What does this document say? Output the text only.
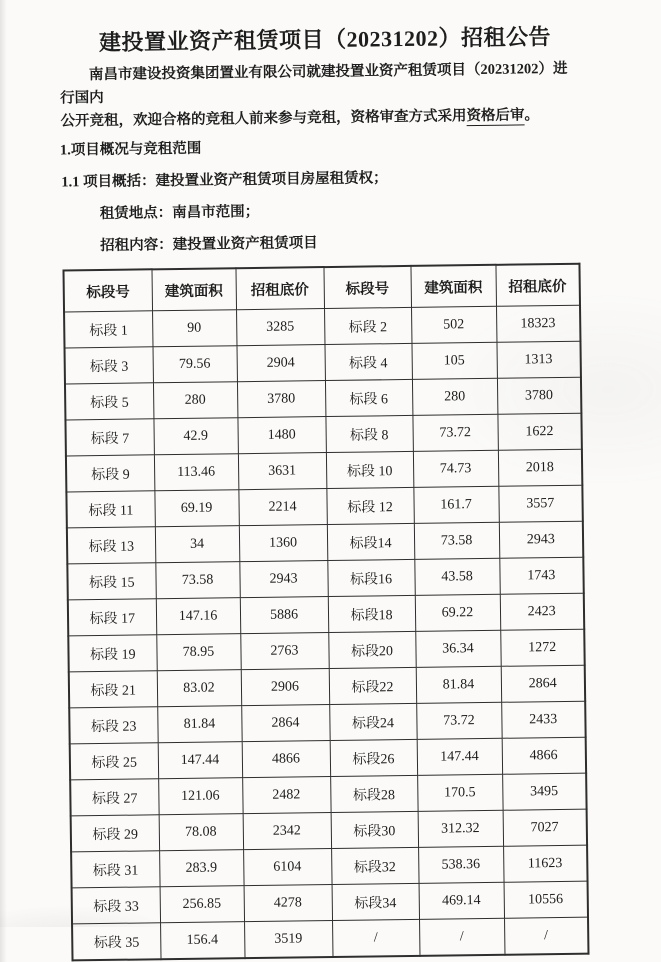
建投置业资产租赁项目（20231202）招租公告

南昌市建设投资集团置业有限公司就建投置业资产租赁项目（20231202）进行国内
公开竞租，欢迎合格的竞租人前来参与竞租，资格审查方式采用资格后审。

1.项目概况与竞租范围
1.1 项目概括：建投置业资产租赁项目房屋租赁权；
租赁地点：南昌市范围；
招租内容：建投置业资产租赁项目
标段号	建筑面积	招租底价	标段号	建筑面积	招租底价
标段 1	90	3285	标段 2	502	18323
标段 3	79.56	2904	标段 4	105	1313
标段 5	280	3780	标段 6	280	3780
标段 7	42.9	1480	标段 8	73.72	1622
标段 9	113.46	3631	标段 10	74.73	2018
标段 11	69.19	2214	标段 12	161.7	3557
标段 13	34	1360	标段14	73.58	2943
标段 15	73.58	2943	标段16	43.58	1743
标段 17	147.16	5886	标段18	69.22	2423
标段 19	78.95	2763	标段20	36.34	1272
标段 21	83.02	2906	标段22	81.84	2864
标段 23	81.84	2864	标段24	73.72	2433
标段 25	147.44	4866	标段26	147.44	4866
标段 27	121.06	2482	标段28	170.5	3495
标段 29	78.08	2342	标段30	312.32	7027
标段 31	283.9	6104	标段32	538.36	11623
标段 33	256.85	4278	标段34	469.14	10556
标段 35	156.4	3519	/	/	/
